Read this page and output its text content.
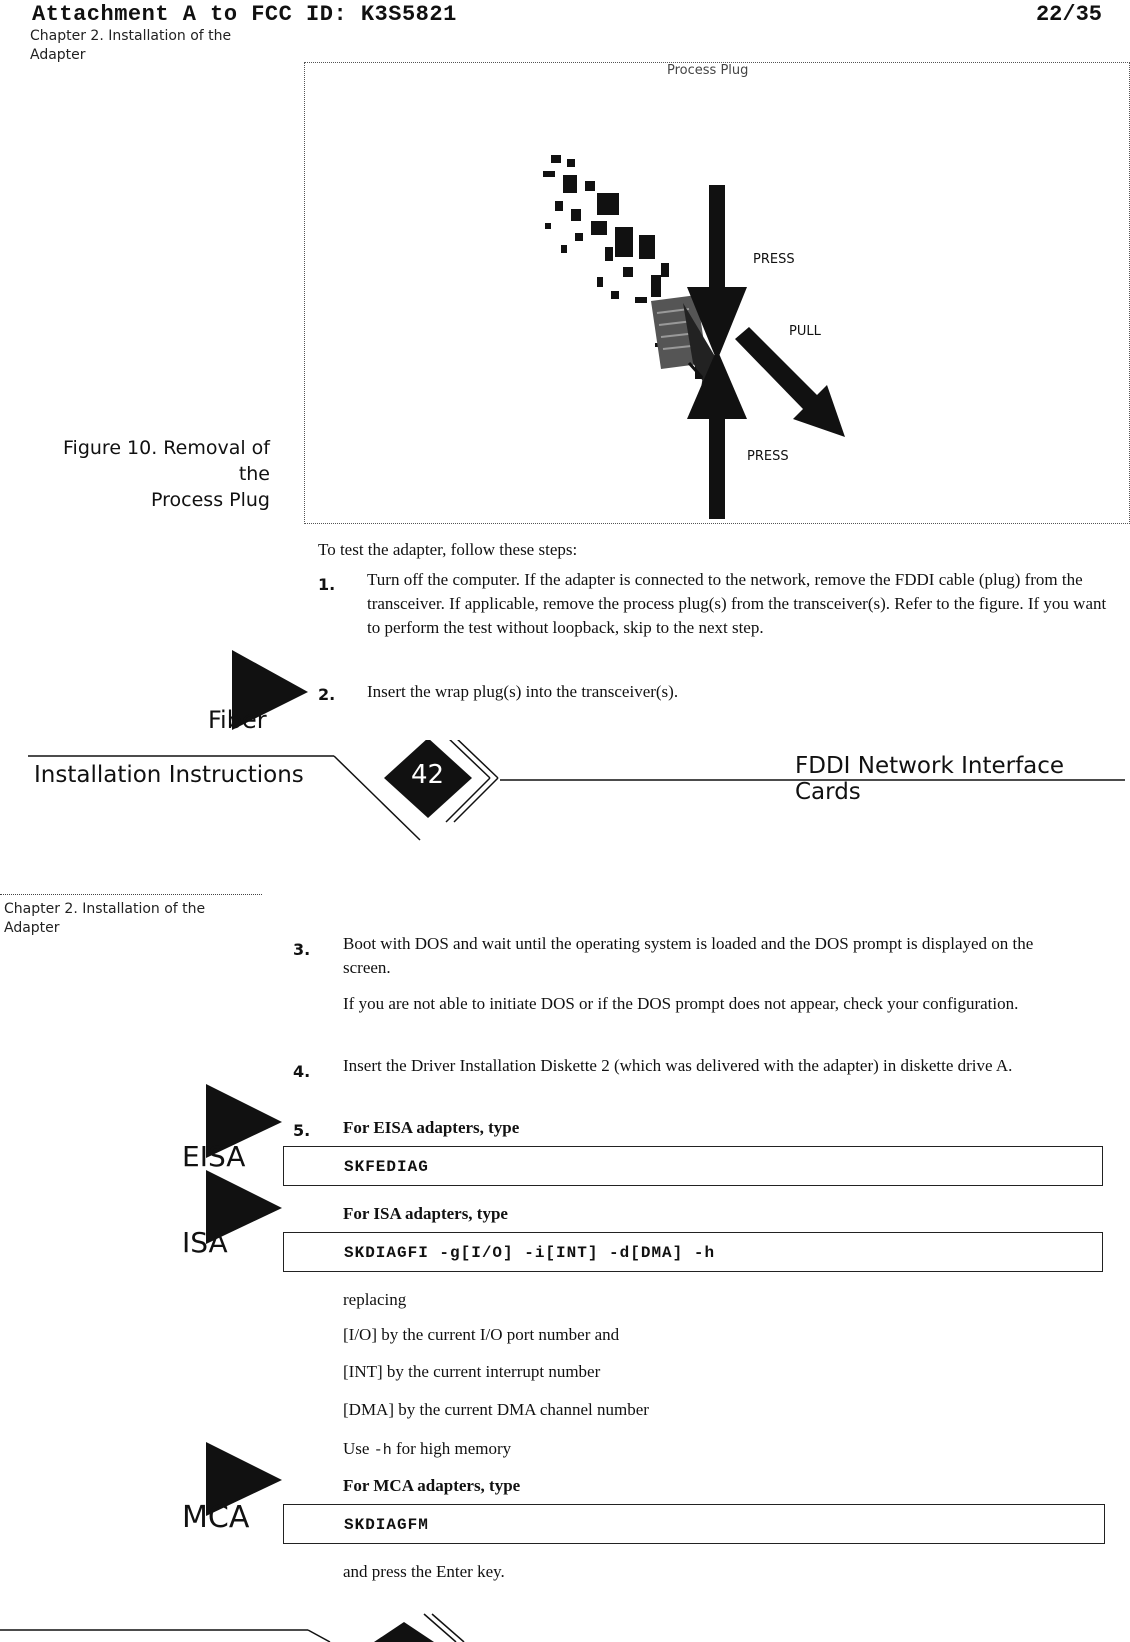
Attachment A to FCC ID: K3S5821	22/35
Chapter 2. Installation of the
Adapter
Process Plug
PRESS
PULL
PRESS
Figure 10. Removal of the
Process Plug
To test the adapter, follow these steps:
1. Turn off the computer. If the adapter is connected to the network, remove the FDDI cable (plug) from the transceiver. If applicable, remove the process plug(s) from the transceiver(s). Refer to the figure. If you want to perform the test without loopback, skip to the next step.
2. Insert the wrap plug(s) into the transceiver(s).
Fiber
42
Installation Instructions	FDDI Network Interface Cards
Chapter 2. Installation of the
Adapter
3. Boot with DOS and wait until the operating system is loaded and the DOS prompt is displayed on the screen.
If you are not able to initiate DOS or if the DOS prompt does not appear, check your configuration.
4. Insert the Driver Installation Diskette 2 (which was delivered with the adapter) in diskette drive A.
EISA
5. For EISA adapters, type
SKFEDIAG
ISA
For ISA adapters, type
SKDIAGFI -g[I/O] -i[INT] -d[DMA] -h
replacing
[I/O] by the current I/O port number and
[INT] by the current interrupt number
[DMA] by the current DMA channel number
Use -h for high memory
MCA
For MCA adapters, type
SKDIAGFM
and press the Enter key.
